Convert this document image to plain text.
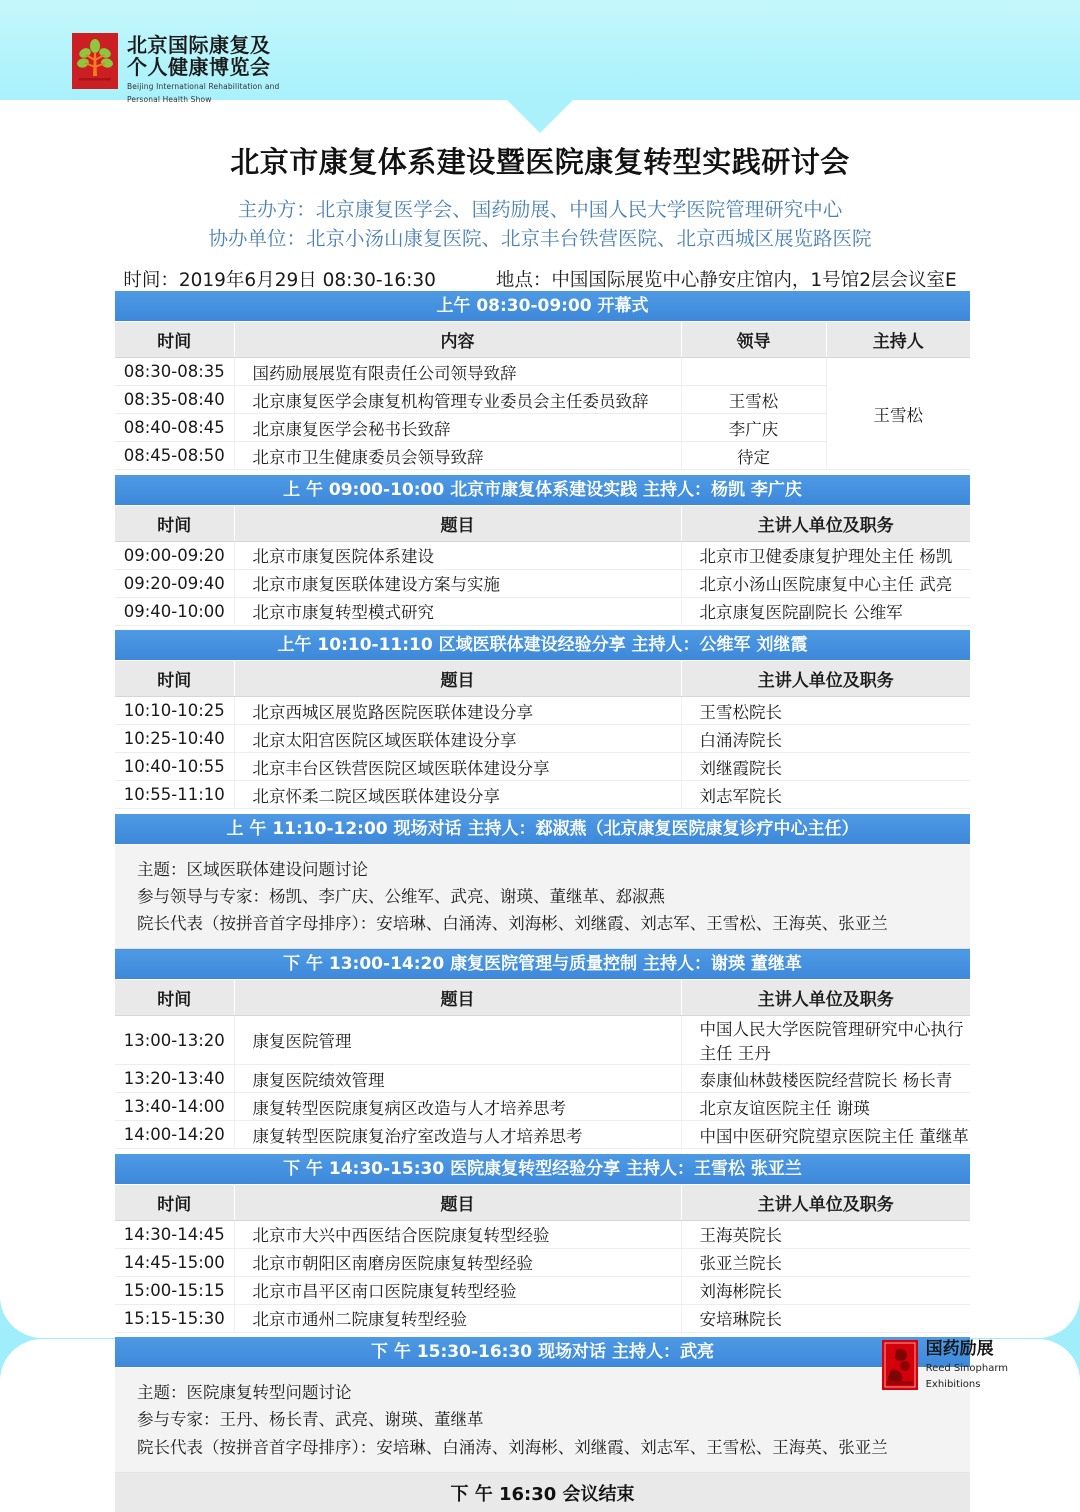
北京国际康复及
个人健康博览会
Beijing International Rehabilitation and
Personal Health Show
北京市康复体系建设暨医院康复转型实践研讨会
主办方：北京康复医学会、国药励展、中国人民大学医院管理研究中心
协办单位：北京小汤山康复医院、北京丰台铁营医院、北京西城区展览路医院
时间：2019年6月29日 08:30-16:30	地点：中国国际展览中心静安庄馆内，1号馆2层会议室E
上午 08:30-09:00 开幕式			
时间	内容	领导	主持人
08:30-08:35	国药励展展览有限责任公司领导致辞		王雪松
08:35-08:40	北京康复医学会康复机构管理专业委员会主任委员致辞	王雪松	
08:40-08:45	北京康复医学会秘书长致辞	李广庆	
08:45-08:50	北京市卫生健康委员会领导致辞	待定	

上 午 09:00-10:00 北京市康复体系建设实践 主持人：杨凯 李广庆			
时间	题目	主讲人单位及职务	
09:00-09:20	北京市康复医院体系建设	北京市卫健委康复护理处主任 杨凯	
09:20-09:40	北京市康复医联体建设方案与实施	北京小汤山医院康复中心主任 武亮	
09:40-10:00	北京市康复转型模式研究	北京康复医院副院长 公维军	

上午 10:10-11:10 区域医联体建设经验分享 主持人：公维军 刘继霞			
时间	题目	主讲人单位及职务	
10:10-10:25	北京西城区展览路医院医联体建设分享	王雪松院长	
10:25-10:40	北京太阳宫医院区域医联体建设分享	白涌涛院长	
10:40-10:55	北京丰台区铁营医院区域医联体建设分享	刘继霞院长	
10:55-11:10	北京怀柔二院区域医联体建设分享	刘志军院长	

上 午 11:10-12:00 现场对话 主持人：郄淑燕（北京康复医院康复诊疗中心主任）			

主题：区域医联体建设问题讨论
参与领导与专家：杨凯、李广庆、公维军、武亮、谢瑛、董继革、郄淑燕
院长代表（按拼音首字母排序）：安培琳、白涌涛、刘海彬、刘继霞、刘志军、王雪松、王海英、张亚兰			

下 午 13:00-14:20 康复医院管理与质量控制 主持人：谢瑛 董继革			
时间	题目	主讲人单位及职务	
13:00-13:20	康复医院管理	中国人民大学医院管理研究中心执行主任 王丹	
13:20-13:40	康复医院绩效管理	泰康仙林鼓楼医院经营院长 杨长青	
13:40-14:00	康复转型医院康复病区改造与人才培养思考	北京友谊医院主任 谢瑛	
14:00-14:20	康复转型医院康复治疗室改造与人才培养思考	中国中医研究院望京医院主任 董继革	

下 午 14:30-15:30 医院康复转型经验分享 主持人：王雪松 张亚兰			
时间	题目	主讲人单位及职务	
14:30-14:45	北京市大兴中西医结合医院康复转型经验	王海英院长	
14:45-15:00	北京市朝阳区南磨房医院康复转型经验	张亚兰院长	
15:00-15:15	北京市昌平区南口医院康复转型经验	刘海彬院长	
15:15-15:30	北京市通州二院康复转型经验	安培琳院长	

下 午 15:30-16:30 现场对话 主持人：武亮			

主题：医院康复转型问题讨论
参与专家：王丹、杨长青、武亮、谢瑛、董继革
院长代表（按拼音首字母排序）：安培琳、白涌涛、刘海彬、刘继霞、刘志军、王雪松、王海英、张亚兰			

下 午 16:30 会议结束			
国药励展
Reed Sinopharm
Exhibitions
